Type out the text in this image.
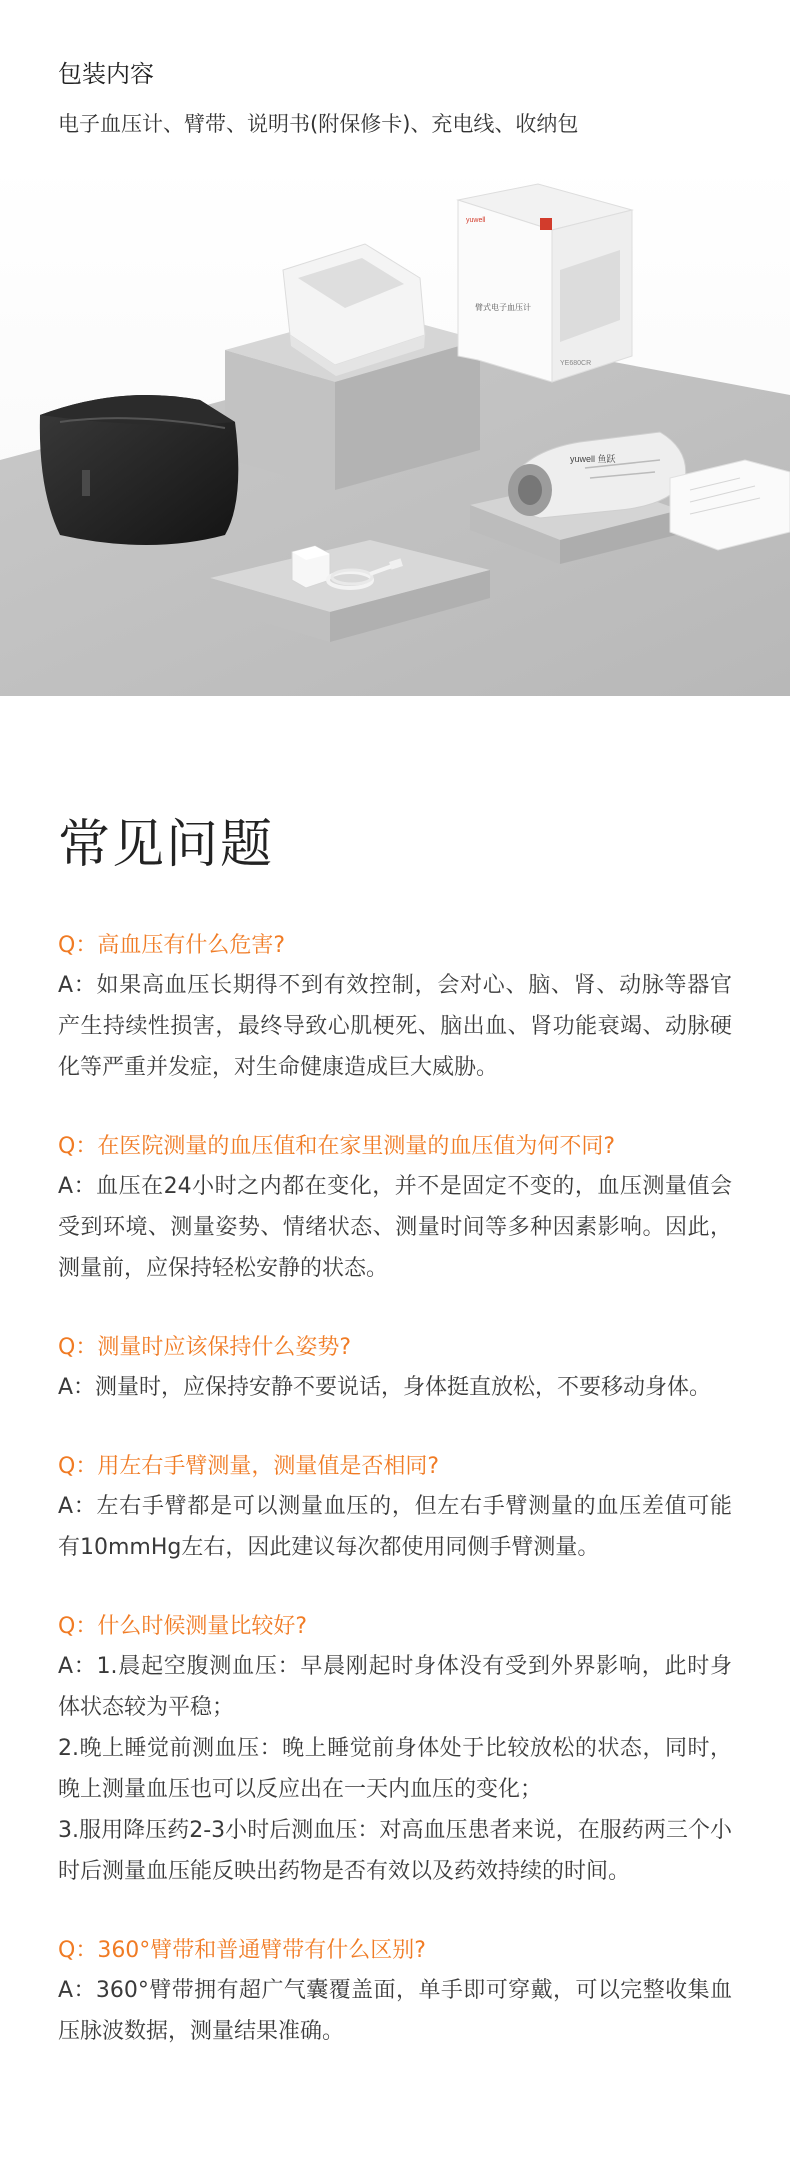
包装内容
电子血压计、臂带、说明书(附保修卡)、充电线、收纳包
yuwell
YE680CR
臂式电子血压计
yuwell 鱼跃
常见问题
Q：高血压有什么危害?

A：如果高血压长期得不到有效控制，会对心、脑、肾、动脉等器官产生持续性损害，最终导致心肌梗死、脑出血、肾功能衰竭、动脉硬化等严重并发症，对生命健康造成巨大威胁。

Q：在医院测量的血压值和在家里测量的血压值为何不同?

A：血压在24小时之内都在变化，并不是固定不变的，血压测量值会受到环境、测量姿势、情绪状态、测量时间等多种因素影响。因此，测量前，应保持轻松安静的状态。

Q：测量时应该保持什么姿势?

A：测量时，应保持安静不要说话，身体挺直放松，不要移动身体。

Q：用左右手臂测量，测量值是否相同?

A：左右手臂都是可以测量血压的，但左右手臂测量的血压差值可能有10mmHg左右，因此建议每次都使用同侧手臂测量。

Q：什么时候测量比较好?

A：1.晨起空腹测血压：早晨刚起时身体没有受到外界影响，此时身体状态较为平稳；

2.晚上睡觉前测血压：晚上睡觉前身体处于比较放松的状态，同时，晚上测量血压也可以反应出在一天内血压的变化；

3.服用降压药2-3小时后测血压：对高血压患者来说，在服药两三个小时后测量血压能反映出药物是否有效以及药效持续的时间。

Q：360°臂带和普通臂带有什么区别?

A：360°臂带拥有超广气囊覆盖面，单手即可穿戴，可以完整收集血压脉波数据，测量结果准确。
